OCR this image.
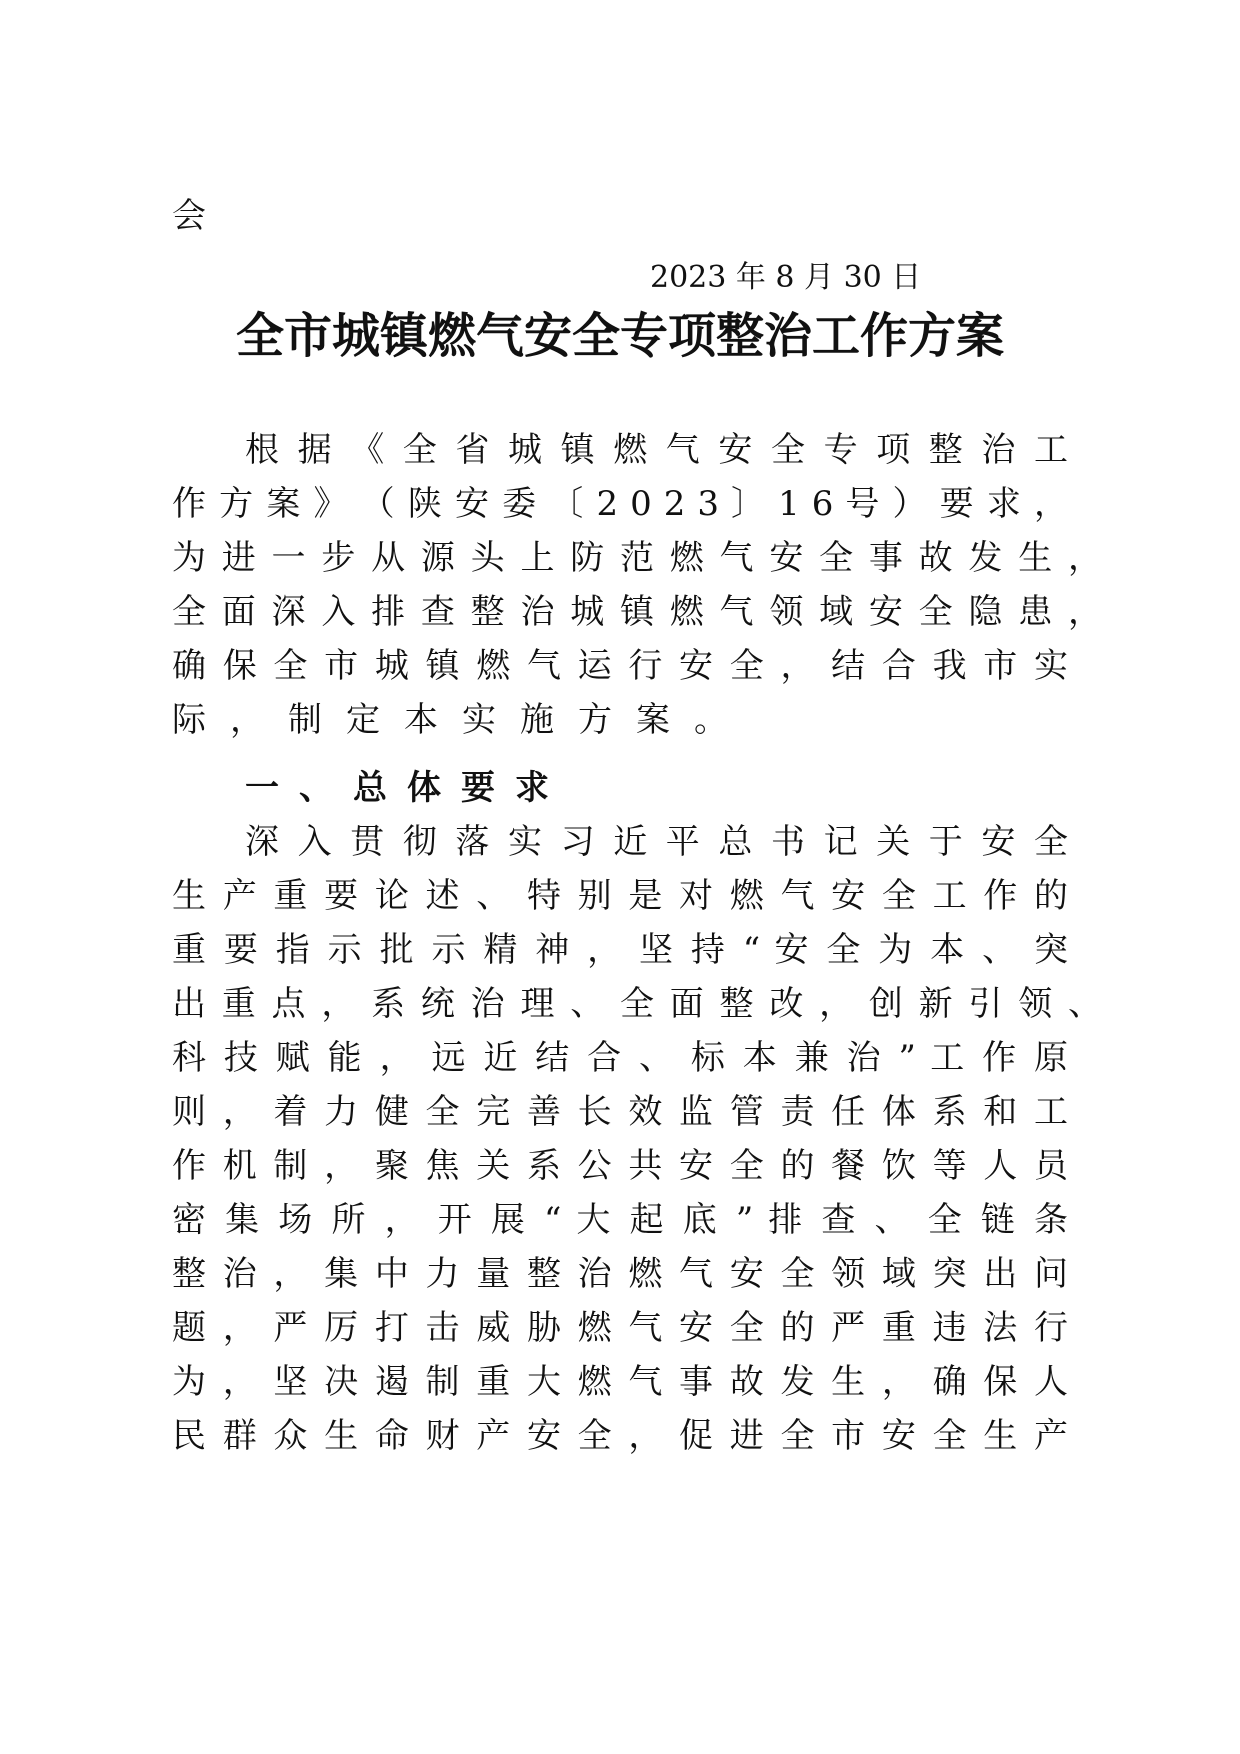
会
2023 年 8 月 30 日
全市城镇燃气安全专项整治工作方案
根 据 《 全 省 城 镇 燃 气 安 全 专 项 整 治 工
作 方 案 》 （ 陕 安 委 〔 2 0 2 3 〕 1 6 号 ） 要 求 ，
为 进 一 步 从 源 头 上 防 范 燃 气 安 全 事 故 发 生 ，
全 面 深 入 排 查 整 治 城 镇 燃 气 领 域 安 全 隐 患 ，
确 保 全 市 城 镇 燃 气 运 行 安 全 ， 结 合 我 市 实
际，制定本实施方案。
一、总体要求
深 入 贯 彻 落 实 习 近 平 总 书 记 关 于 安 全
生 产 重 要 论 述 、 特 别 是 对 燃 气 安 全 工 作 的
重 要 指 示 批 示 精 神 ， 坚 持 “ 安 全 为 本 、 突
出 重 点 ， 系 统 治 理 、 全 面 整 改 ， 创 新 引 领 、
科 技 赋 能 ， 远 近 结 合 、 标 本 兼 治 ” 工 作 原
则 ， 着 力 健 全 完 善 长 效 监 管 责 任 体 系 和 工
作 机 制 ， 聚 焦 关 系 公 共 安 全 的 餐 饮 等 人 员
密 集 场 所 ， 开 展 “ 大 起 底 ” 排 查 、 全 链 条
整 治 ， 集 中 力 量 整 治 燃 气 安 全 领 域 突 出 问
题 ， 严 厉 打 击 威 胁 燃 气 安 全 的 严 重 违 法 行
为 ， 坚 决 遏 制 重 大 燃 气 事 故 发 生 ， 确 保 人
民 群 众 生 命 财 产 安 全 ， 促 进 全 市 安 全 生 产
